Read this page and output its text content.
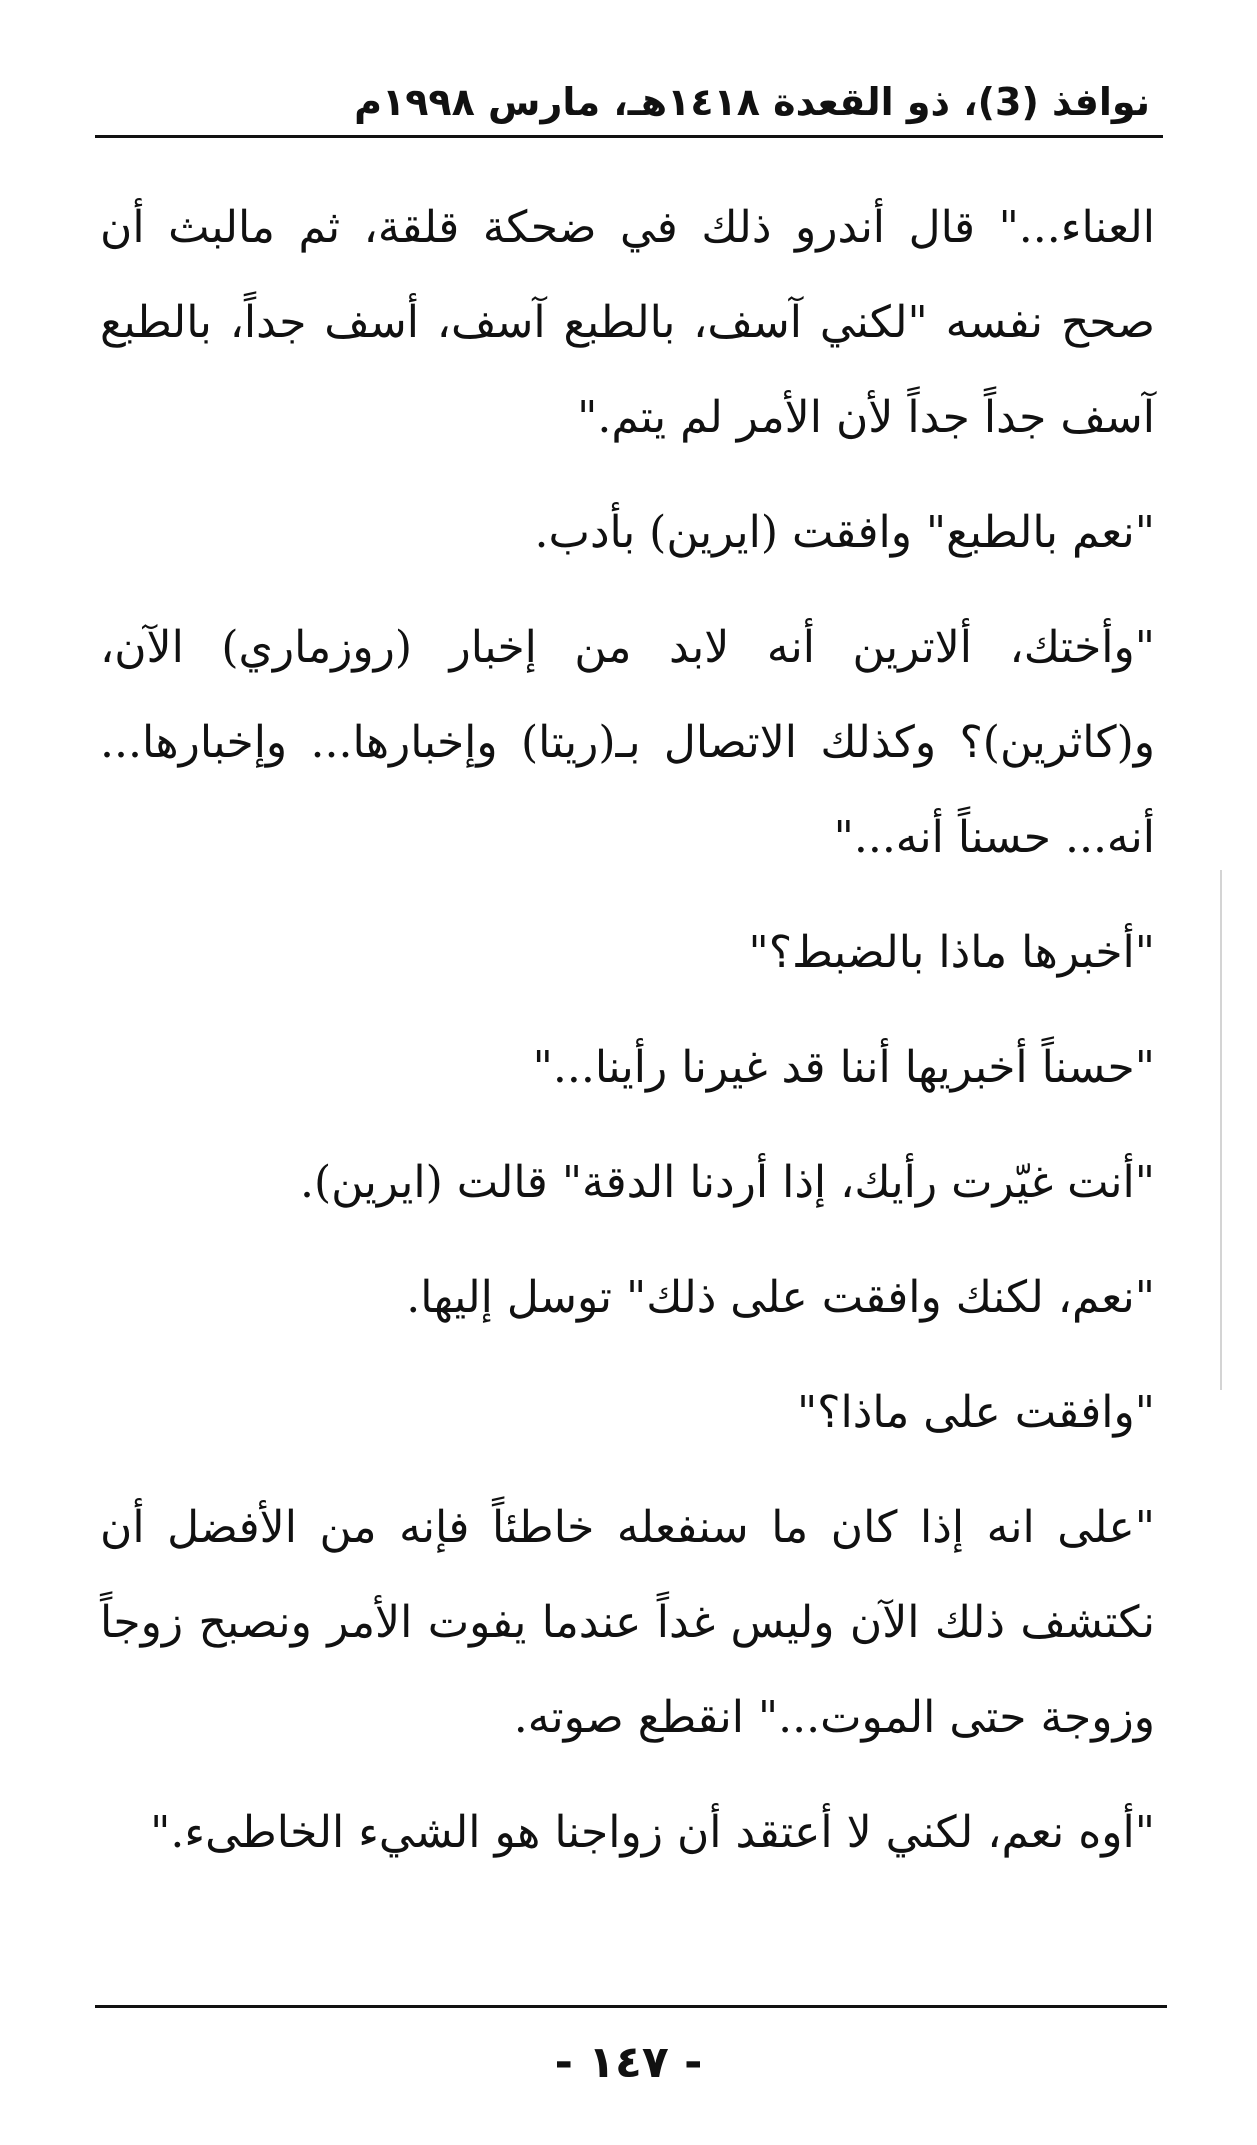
نوافذ (3)، ذو القعدة ١٤١٨هـ، مارس ١٩٩٨م

العناء..." قال أندرو ذلك في ضحكة قلقة، ثم مالبث أن صحح نفسه "لكني آسف، بالطبع آسف، أسف جداً، بالطبع آسف جداً جداً لأن الأمر لم يتم."

"نعم بالطبع" وافقت (ايرين) بأدب.

"وأختك، ألاترين أنه لابد من إخبار (روزماري) الآن، و(كاثرين)؟ وكذلك الاتصال بـ(ريتا) وإخبارها... وإخبارها... أنه... حسناً أنه..."

"أخبرها ماذا بالضبط؟"

"حسناً أخبريها أننا قد غيرنا رأينا..."

"أنت غيّرت رأيك، إذا أردنا الدقة" قالت (ايرين).

"نعم، لكنك وافقت على ذلك" توسل إليها.

"وافقت على ماذا؟"

"على انه إذا كان ما سنفعله خاطئاً فإنه من الأفضل أن نكتشف ذلك الآن وليس غداً عندما يفوت الأمر ونصبح زوجاً وزوجة حتى الموت..." انقطع صوته.

"أوه نعم، لكني لا أعتقد أن زواجنا هو الشيء الخاطىء."

- ١٤٧ -
